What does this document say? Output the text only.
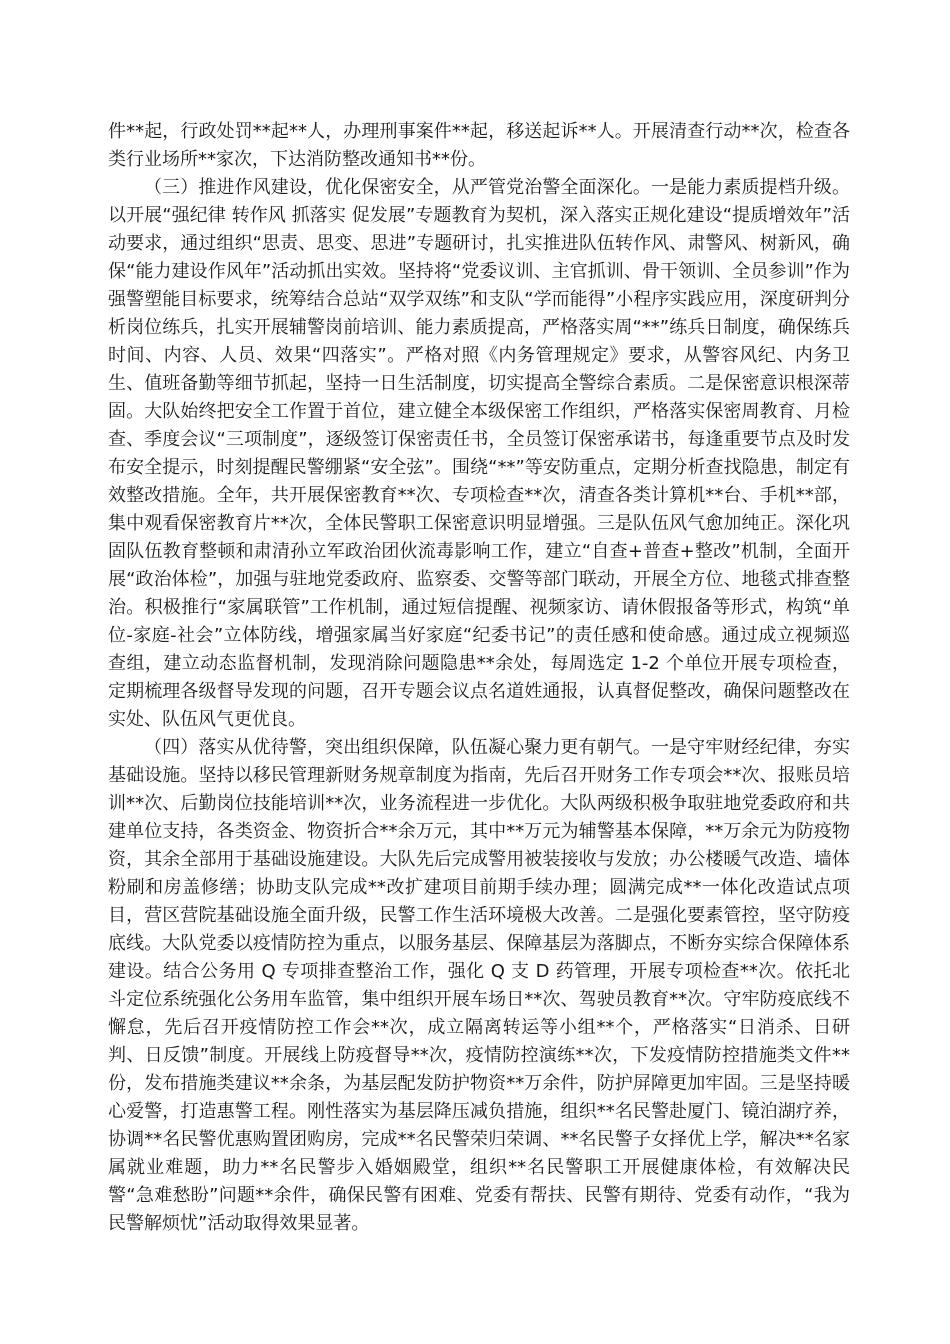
件**起，行政处罚**起**人，办理刑事案件**起，移送起诉**人。开展清查行动**次，检查各类行业场所**家次，下达消防整改通知书**份。

（三）推进作风建设，优化保密安全，从严管党治警全面深化。一是能力素质提档升级。以开展“强纪律 转作风 抓落实 促发展”专题教育为契机，深入落实正规化建设“提质增效年”活动要求，通过组织“思责、思变、思进”专题研讨，扎实推进队伍转作风、肃警风、树新风，确保“能力建设作风年”活动抓出实效。坚持将“党委议训、主官抓训、骨干领训、全员参训”作为强警塑能目标要求，统筹结合总站“双学双练”和支队“学而能得”小程序实践应用，深度研判分析岗位练兵，扎实开展辅警岗前培训、能力素质提高，严格落实周“**”练兵日制度，确保练兵时间、内容、人员、效果“四落实”。严格对照《内务管理规定》要求，从警容风纪、内务卫生、值班备勤等细节抓起，坚持一日生活制度，切实提高全警综合素质。二是保密意识根深蒂固。大队始终把安全工作置于首位，建立健全本级保密工作组织，严格落实保密周教育、月检查、季度会议“三项制度”，逐级签订保密责任书，全员签订保密承诺书，每逢重要节点及时发布安全提示，时刻提醒民警绷紧“安全弦”。围绕“**”等安防重点，定期分析查找隐患，制定有效整改措施。全年，共开展保密教育**次、专项检查**次，清查各类计算机**台、手机**部，集中观看保密教育片**次，全体民警职工保密意识明显增强。三是队伍风气愈加纯正。深化巩固队伍教育整顿和肃清孙立军政治团伙流毒影响工作，建立“自查+普查+整改”机制，全面开展“政治体检”，加强与驻地党委政府、监察委、交警等部门联动，开展全方位、地毯式排查整治。积极推行“家属联管”工作机制，通过短信提醒、视频家访、请休假报备等形式，构筑“单位-家庭-社会”立体防线，增强家属当好家庭“纪委书记”的责任感和使命感。通过成立视频巡查组，建立动态监督机制，发现消除问题隐患**余处，每周选定 1-2 个单位开展专项检查，定期梳理各级督导发现的问题，召开专题会议点名道姓通报，认真督促整改，确保问题整改在实处、队伍风气更优良。

（四）落实从优待警，突出组织保障，队伍凝心聚力更有朝气。一是守牢财经纪律，夯实基础设施。坚持以移民管理新财务规章制度为指南，先后召开财务工作专项会**次、报账员培训**次、后勤岗位技能培训**次，业务流程进一步优化。大队两级积极争取驻地党委政府和共建单位支持，各类资金、物资折合**余万元，其中**万元为辅警基本保障，**万余元为防疫物资，其余全部用于基础设施建设。大队先后完成警用被装接收与发放；办公楼暖气改造、墙体粉刷和房盖修缮；协助支队完成**改扩建项目前期手续办理；圆满完成**一体化改造试点项目，营区营院基础设施全面升级，民警工作生活环境极大改善。二是强化要素管控，坚守防疫底线。大队党委以疫情防控为重点，以服务基层、保障基层为落脚点，不断夯实综合保障体系建设。结合公务用 Q 专项排查整治工作，强化 Q 支 D 药管理，开展专项检查**次。依托北斗定位系统强化公务用车监管，集中组织开展车场日**次、驾驶员教育**次。守牢防疫底线不懈怠，先后召开疫情防控工作会**次，成立隔离转运等小组**个，严格落实“日消杀、日研判、日反馈”制度。开展线上防疫督导**次，疫情防控演练**次，下发疫情防控措施类文件**份，发布措施类建议**余条，为基层配发防护物资**万余件，防护屏障更加牢固。三是坚持暖心爱警，打造惠警工程。刚性落实为基层降压减负措施，组织**名民警赴厦门、镜泊湖疗养，协调**名民警优惠购置团购房，完成**名民警荣归荣调、**名民警子女择优上学，解决**名家属就业难题，助力**名民警步入婚姻殿堂，组织**名民警职工开展健康体检，有效解决民警“急难愁盼”问题**余件，确保民警有困难、党委有帮扶、民警有期待、党委有动作，“我为民警解烦忧”活动取得效果显著。
